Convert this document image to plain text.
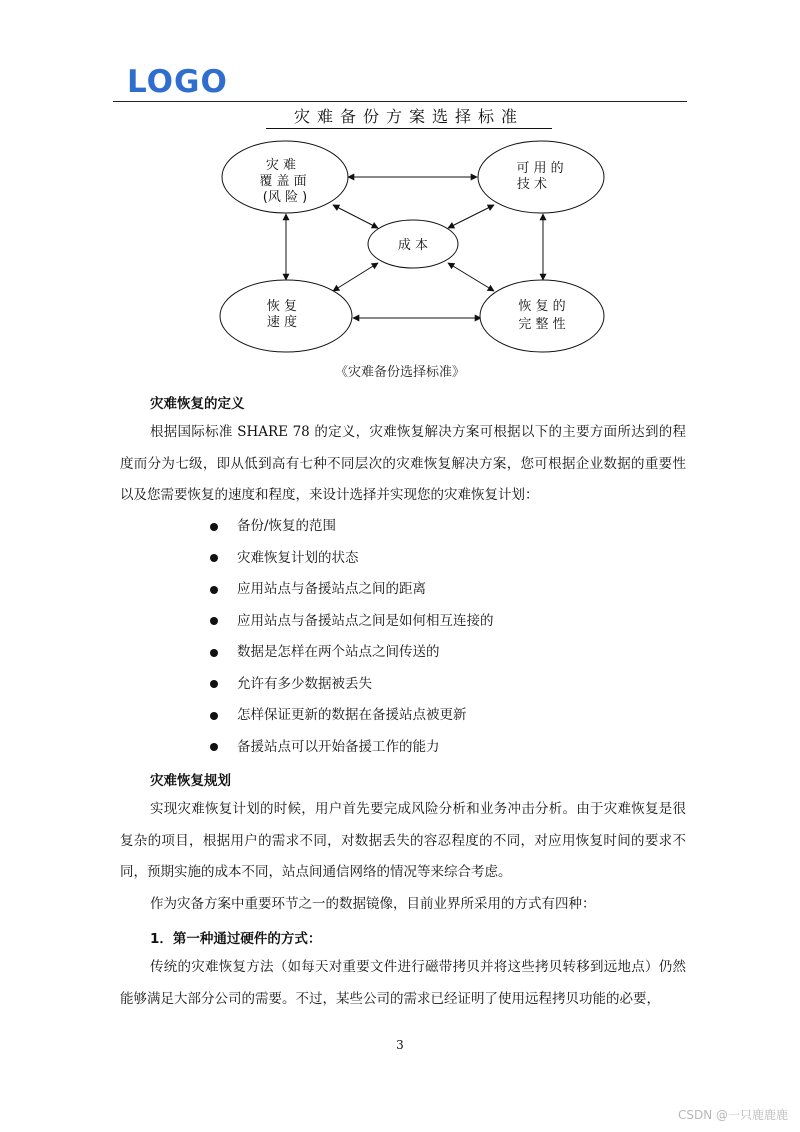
LOGO
灾难备份方案选择标准
灾 难
覆 盖 面
(风 险 )
可 用 的
技 术
成 本
恢 复
速 度
恢 复 的
完 整 性
《灾难备份选择标准》
灾难恢复的定义
根据国际标准 SHARE 78 的定义，灾难恢复解决方案可根据以下的主要方面所达到的程度而分为七级，即从低到高有七种不同层次的灾难恢复解决方案，您可根据企业数据的重要性以及您需要恢复的速度和程度，来设计选择并实现您的灾难恢复计划：
备份/恢复的范围
灾难恢复计划的状态
应用站点与备援站点之间的距离
应用站点与备援站点之间是如何相互连接的
数据是怎样在两个站点之间传送的
允许有多少数据被丢失
怎样保证更新的数据在备援站点被更新
备援站点可以开始备援工作的能力
灾难恢复规划
实现灾难恢复计划的时候，用户首先要完成风险分析和业务冲击分析。由于灾难恢复是很复杂的项目，根据用户的需求不同，对数据丢失的容忍程度的不同，对应用恢复时间的要求不同，预期实施的成本不同，站点间通信网络的情况等来综合考虑。
作为灾备方案中重要环节之一的数据镜像，目前业界所采用的方式有四种：
1．第一种通过硬件的方式：
传统的灾难恢复方法（如每天对重要文件进行磁带拷贝并将这些拷贝转移到远地点）仍然能够满足大部分公司的需要。不过，某些公司的需求已经证明了使用远程拷贝功能的必要，
3
CSDN @一只鹿鹿鹿
